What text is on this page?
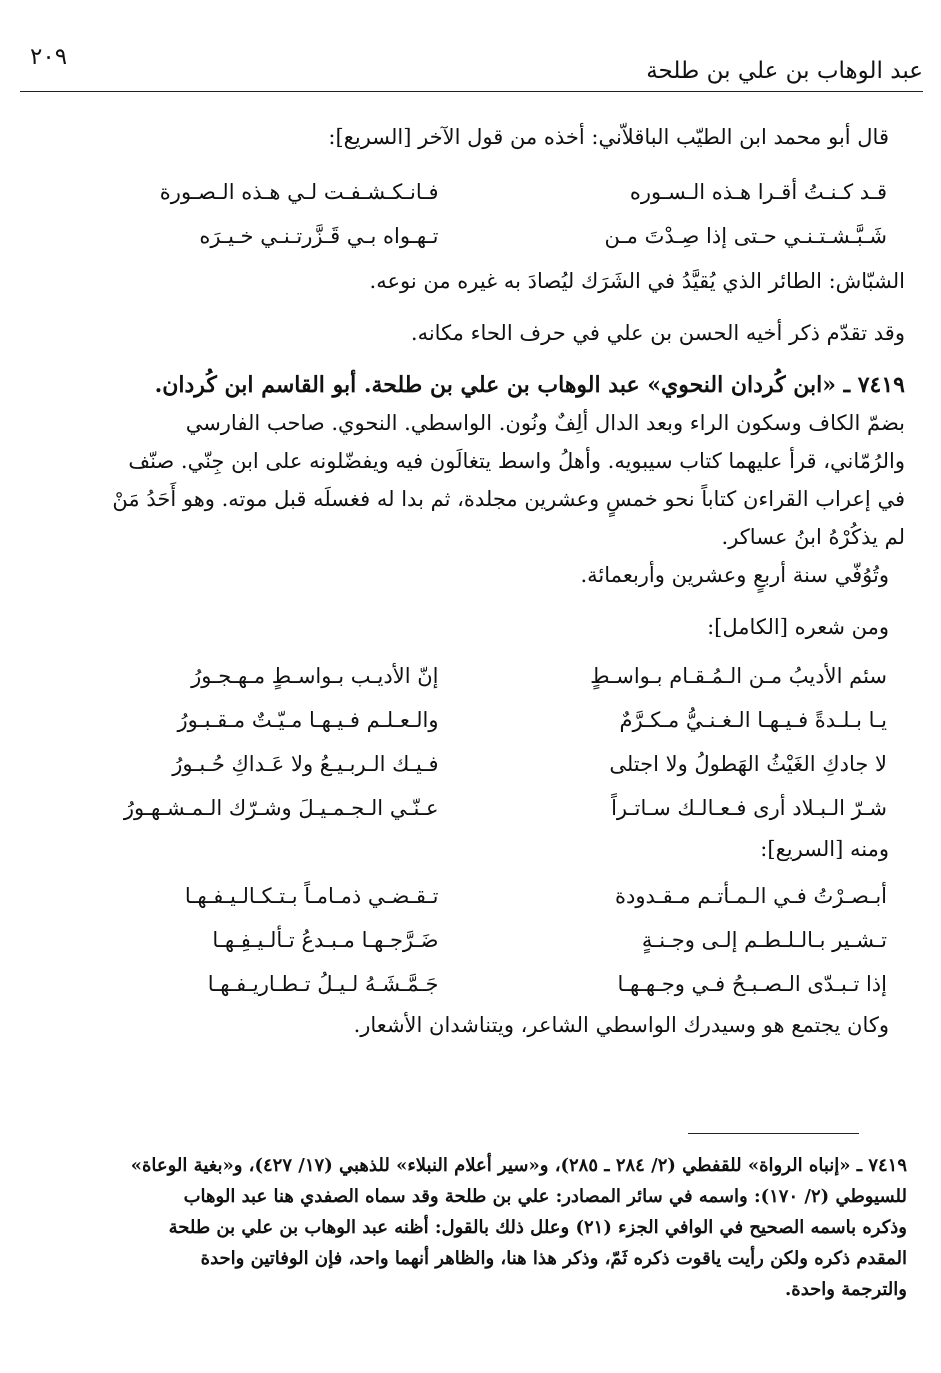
عبد الوهاب بن علي بن طلحة
٢٠٩

قال أبو محمد ابن الطيّب الباقلاّني: أخذه من قول الآخر [السريع]:

قـد كـنـتُ أقـرا هـذه الـسـوره
فـانـكـشـفـت لـي هـذه الـصـورة
شَـبَّـشـتـنـي حـتى إذا صِـدْتَ مـن
تـهـواه بـي قَـزَّرتـنـي خـيـرَه

الشبّاش: الطائر الذي يُقيَّدُ في الشَرَك ليُصادَ به غيره من نوعه.

وقد تقدّم ذكر أخيه الحسن بن علي في حرف الحاء مكانه.

٧٤١٩ ـ «ابن كُردان النحوي» عبد الوهاب بن علي بن طلحة. أبو القاسم ابن كُردان.

بضمّ الكاف وسكون الراء وبعد الدال ألِفٌ ونُون. الواسطي. النحوي. صاحب الفارسي

والرُمّاني، قرأ عليهما كتاب سيبويه. وأهلُ واسط يتغالَون فيه ويفضّلونه على ابن جِنّي. صنّف

في إعراب القراءن كتاباً نحو خمسٍ وعشرين مجلدة، ثم بدا له فغسلَه قبل موته. وهو أَحَدُ مَنْ

لم يذكُرْهُ ابنُ عساكر.

وتُوُفّي سنة أربعٍ وعشرين وأربعمائة.

ومن شعره [الكامل]:

سئم الأديبُ مـن الـمُـقـام بـواسـطٍ
إنّ الأديـب بـواسـطٍ مـهـجـورُ
يـا بـلـدةً فـيـهـا الـغـنـيُّ مـكـرَّمٌ
والـعـلـم فـيـهـا مـيّـتٌ مـقـبـورُ
لا جادكِ الغَيْثُ الهَطولُ ولا اجتلى
فـيـك الـربـيـعُ ولا عَـداكِ حُـبـورُ
شـرّ الـبـلاد أرى فـعـالـك سـاتـراً
عـنّـي الـجـمـيـلَ وشـرّك الـمـشـهـورُ

ومنه [السريع]:

أبـصـرْتُ فـي الـمـأتـم مـقـدودة
تـقـضـي ذمـامـاً بـتـكـالـيـفـهـا
تـشـير بـالـلـطـم إلـى وجـنـةٍ
ضَـرَّجـهـا مـبـدعُ تـألـيـفِـهـا
إذا تـبـدّى الـصـبـحُ فـي وجـهـهـا
جَـمَّـشَـهُ لـيـلُ تـطـاريـفـهـا

وكان يجتمع هو وسيدرك الواسطي الشاعر، ويتناشدان الأشعار.

٧٤١٩ ـ «إنباه الرواة» للقفطي (٢/ ٢٨٤ ـ ٢٨٥)، و«سير أعلام النبلاء» للذهبي (١٧/ ٤٢٧)، و«بغية الوعاة»

للسيوطي (٢/ ١٧٠): واسمه في سائر المصادر: علي بن طلحة وقد سماه الصفدي هنا عبد الوهاب

وذكره باسمه الصحيح في الوافي الجزء (٢١) وعلل ذلك بالقول: أظنه عبد الوهاب بن علي بن طلحة

المقدم ذكره ولكن رأيت ياقوت ذكره ثَمّ، وذكر هذا هنا، والظاهر أنهما واحد، فإن الوفاتين واحدة

والترجمة واحدة.
